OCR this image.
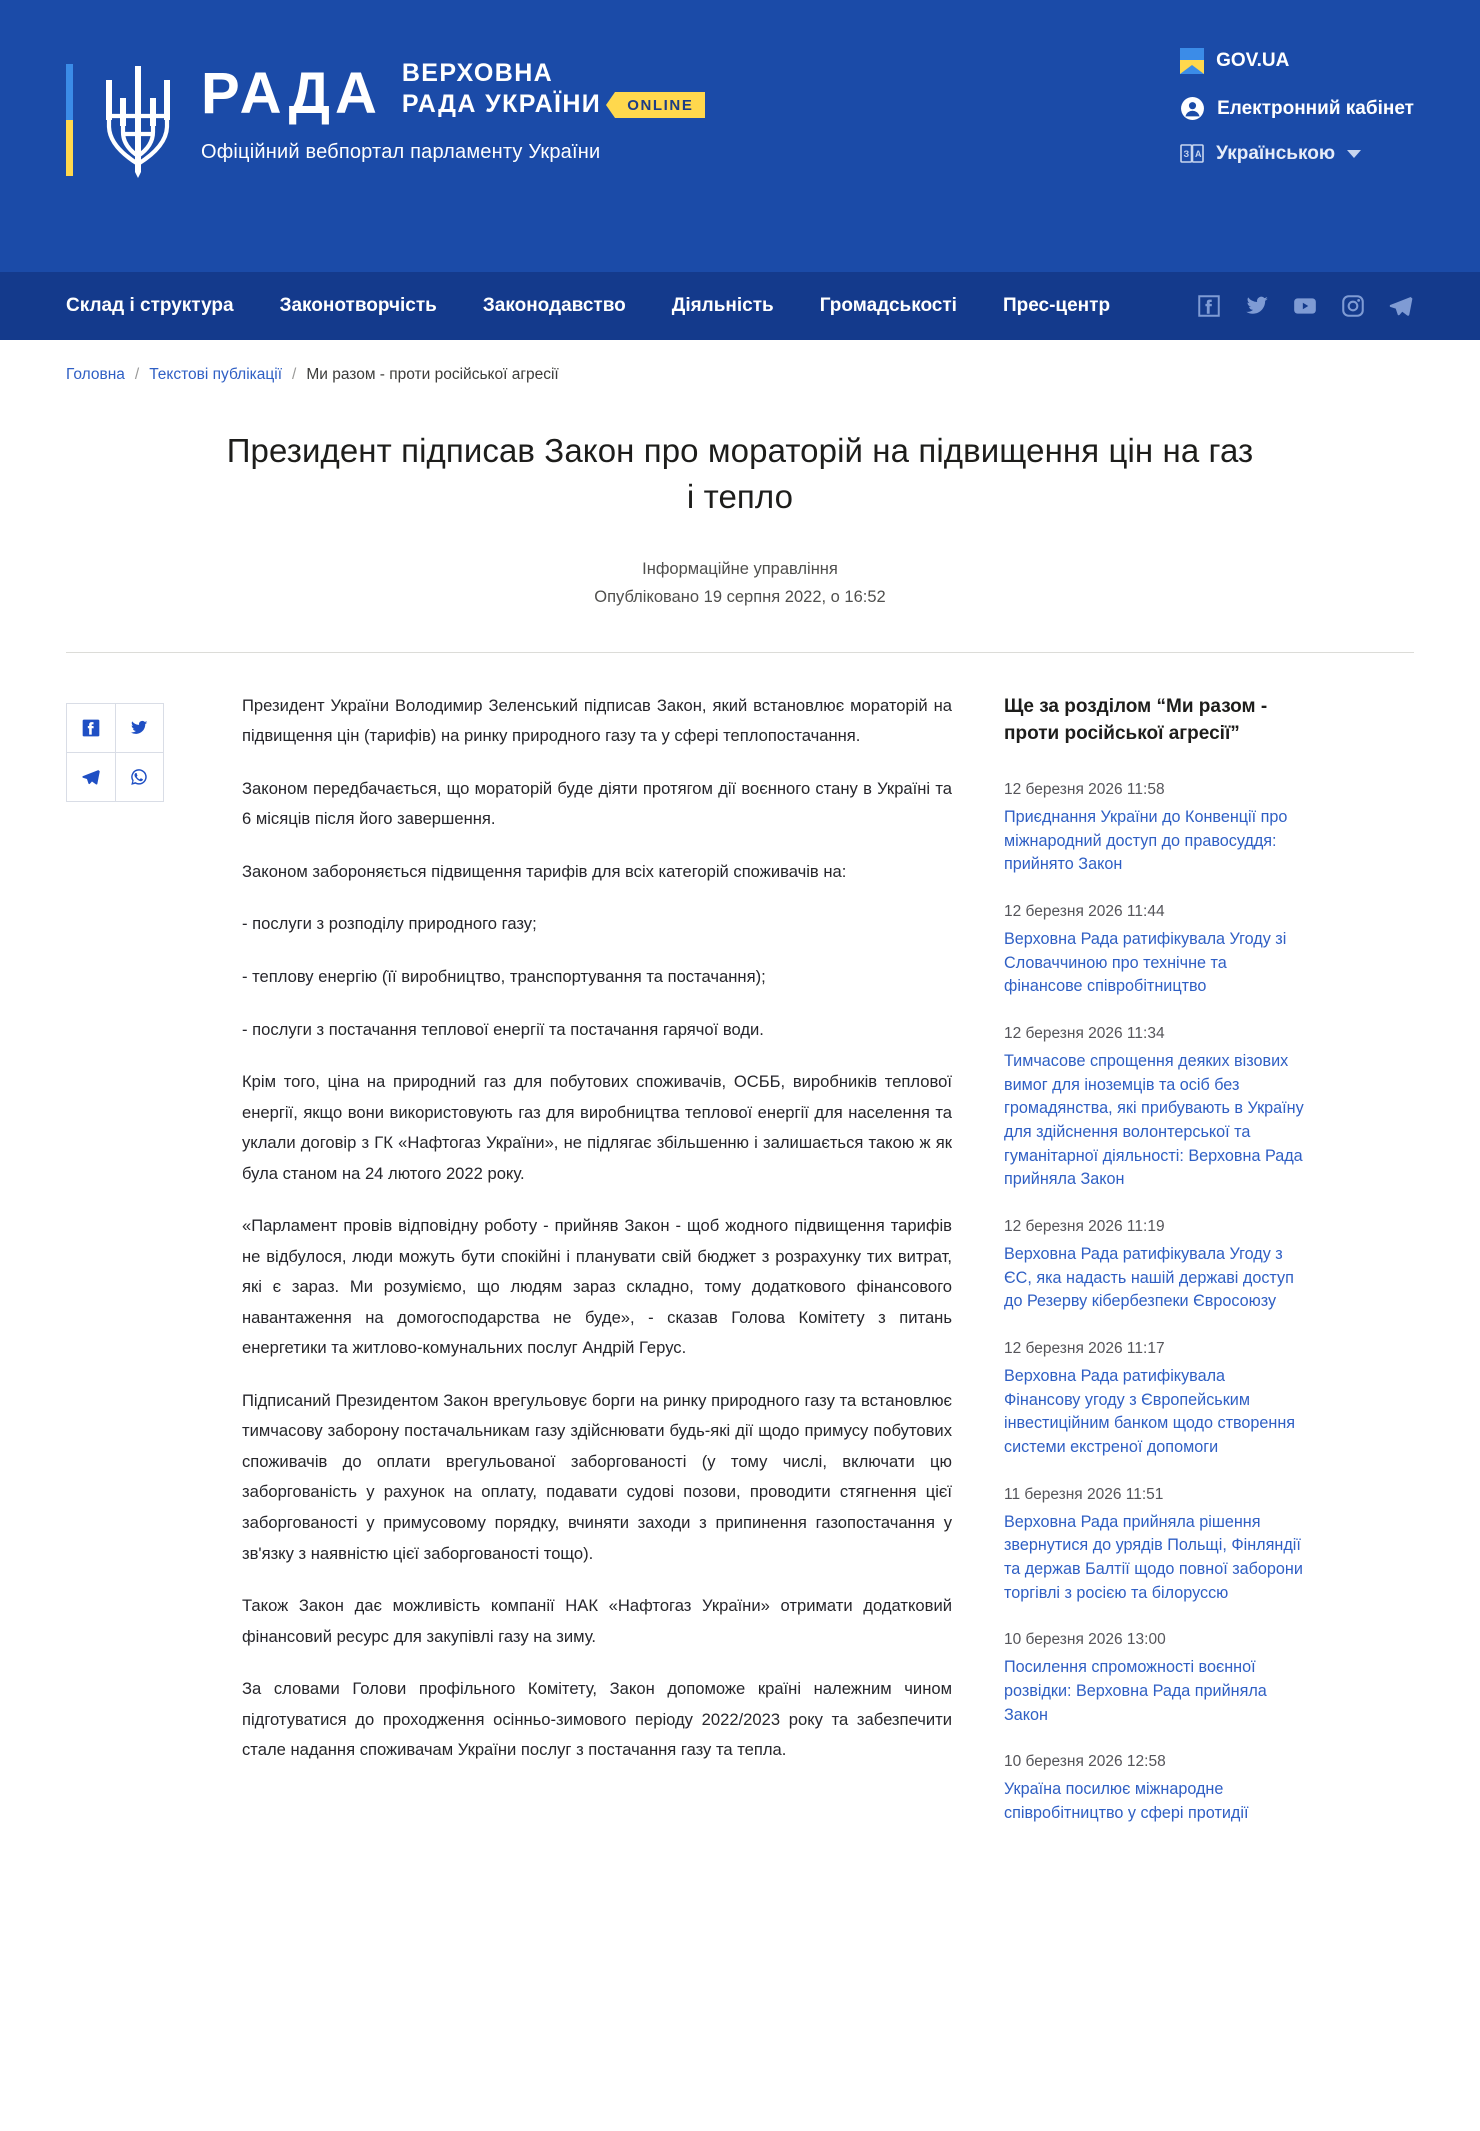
РАДА ВЕРХОВНА
РАДА УКРАЇНИ	ONLINE
Офіційний вебпортал парламенту України
GOV.UA
Електронний кабінет
З A Українською
Склад і структура Законотворчість Законодавство Діяльність Громадськості Прес-центр
Головна / Текстові публікації / Ми разом - проти російської агресії
Президент підписав Закон про мораторій на підвищення цін на газ і тепло
Інформаційне управління
Опубліковано 19 серпня 2022, о 16:52

Президент України Володимир Зеленський підписав Закон, який встановлює мораторій на підвищення цін (тарифів) на ринку природного газу та у сфері теплопостачання.

Законом передбачається, що мораторій буде діяти протягом дії воєнного стану в Україні та 6 місяців після його завершення.

Законом забороняється підвищення тарифів для всіх категорій споживачів на:

- послуги з розподілу природного газу;

- теплову енергію (її виробництво, транспортування та постачання);

- послуги з постачання теплової енергії та постачання гарячої води.

Крім того, ціна на природний газ для побутових споживачів, ОСББ, виробників теплової енергії, якщо вони використовують газ для виробництва теплової енергії для населення та уклали договір з ГК «Нафтогаз України», не підлягає збільшенню і залишається такою ж як була станом на 24 лютого 2022 року.

«Парламент провів відповідну роботу - прийняв Закон - щоб жодного підвищення тарифів не відбулося, люди можуть бути спокійні і планувати свій бюджет з розрахунку тих витрат, які є зараз. Ми розуміємо, що людям зараз складно, тому додаткового фінансового навантаження на домогосподарства не буде», - сказав Голова Комітету з питань енергетики та житлово-комунальних послуг Андрій Герус.

Підписаний Президентом Закон врегульовує борги на ринку природного газу та встановлює тимчасову заборону постачальникам газу здійснювати будь-які дії щодо примусу побутових споживачів до оплати врегульованої заборгованості (у тому числі, включати цю заборгованість у рахунок на оплату, подавати судові позови, проводити стягнення цієї заборгованості у примусовому порядку, вчиняти заходи з припинення газопостачання у зв'язку з наявністю цієї заборгованості тощо).

Також Закон дає можливість компанії НАК «Нафтогаз України» отримати додатковий фінансовий ресурс для закупівлі газу на зиму.

За словами Голови профільного Комітету, Закон допоможе країні належним чином підготуватися до проходження осінньо-зимового періоду 2022/2023 року та забезпечити стале надання споживачам України послуг з постачання газу та тепла.

Ще за розділом “Ми разом - проти російської агресії”
12 березня 2026 11:58
Приєднання України до Конвенції про міжнародний доступ до правосуддя: прийнято Закон
12 березня 2026 11:44
Верховна Рада ратифікувала Угоду зі Словаччиною про технічне та фінансове співробітництво
12 березня 2026 11:34
Тимчасове спрощення деяких візових вимог для іноземців та осіб без громадянства, які прибувають в Україну для здійснення волонтерської та гуманітарної діяльності: Верховна Рада прийняла Закон
12 березня 2026 11:19
Верховна Рада ратифікувала Угоду з ЄС, яка надасть нашій державі доступ до Резерву кібербезпеки Євросоюзу
12 березня 2026 11:17
Верховна Рада ратифікувала Фінансову угоду з Європейським інвестиційним банком щодо створення системи екстреної допомоги
11 березня 2026 11:51
Верховна Рада прийняла рішення звернутися до урядів Польщі, Фінляндії та держав Балтії щодо повної заборони торгівлі з росією та білоруссю
10 березня 2026 13:00
Посилення спроможності воєнної розвідки: Верховна Рада прийняла Закон
10 березня 2026 12:58
Україна посилює міжнародне співробітництво у сфері протидії
